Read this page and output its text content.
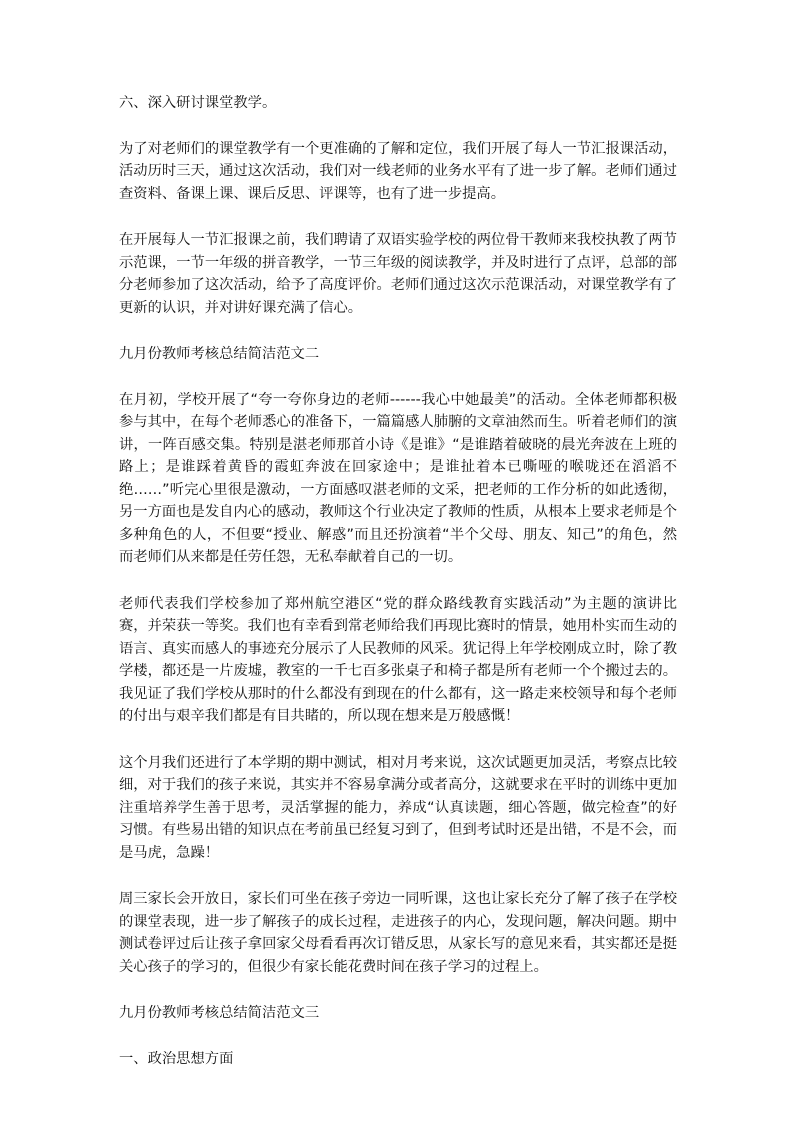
六、深入研讨课堂教学。

为了对老师们的课堂教学有一个更准确的了解和定位，我们开展了每人一节汇报课活动，活动历时三天，通过这次活动，我们对一线老师的业务水平有了进一步了解。老师们通过查资料、备课上课、课后反思、评课等，也有了进一步提高。

在开展每人一节汇报课之前，我们聘请了双语实验学校的两位骨干教师来我校执教了两节示范课，一节一年级的拼音教学，一节三年级的阅读教学，并及时进行了点评，总部的部分老师参加了这次活动，给予了高度评价。老师们通过这次示范课活动，对课堂教学有了更新的认识，并对讲好课充满了信心。

九月份教师考核总结简洁范文二

在月初，学校开展了“夸一夸你身边的老师------我心中她最美”的活动。全体老师都积极参与其中，在每个老师悉心的准备下，一篇篇感人肺腑的文章油然而生。听着老师们的演讲，一阵百感交集。特别是湛老师那首小诗《是谁》“是谁踏着破晓的晨光奔波在上班的路上；是谁踩着黄昏的霞虹奔波在回家途中；是谁扯着本已嘶哑的喉咙还在滔滔不绝……”听完心里很是激动，一方面感叹湛老师的文采，把老师的工作分析的如此透彻，另一方面也是发自内心的感动，教师这个行业决定了教师的性质，从根本上要求老师是个多种角色的人，不但要“授业、解惑”而且还扮演着“半个父母、朋友、知己”的角色，然而老师们从来都是任劳任怨，无私奉献着自己的一切。

老师代表我们学校参加了郑州航空港区“党的群众路线教育实践活动”为主题的演讲比赛，并荣获一等奖。我们也有幸看到常老师给我们再现比赛时的情景，她用朴实而生动的语言、真实而感人的事迹充分展示了人民教师的风采。犹记得上年学校刚成立时，除了教学楼，都还是一片废墟，教室的一千七百多张桌子和椅子都是所有老师一个个搬过去的。我见证了我们学校从那时的什么都没有到现在的什么都有，这一路走来校领导和每个老师的付出与艰辛我们都是有目共睹的，所以现在想来是万般感慨！

这个月我们还进行了本学期的期中测试，相对月考来说，这次试题更加灵活，考察点比较细，对于我们的孩子来说，其实并不容易拿满分或者高分，这就要求在平时的训练中更加注重培养学生善于思考，灵活掌握的能力，养成“认真读题，细心答题，做完检查”的好习惯。有些易出错的知识点在考前虽已经复习到了，但到考试时还是出错，不是不会，而是马虎，急躁！

周三家长会开放日，家长们可坐在孩子旁边一同听课，这也让家长充分了解了孩子在学校的课堂表现，进一步了解孩子的成长过程，走进孩子的内心，发现问题，解决问题。期中测试卷评过后让孩子拿回家父母看看再次订错反思，从家长写的意见来看，其实都还是挺关心孩子的学习的，但很少有家长能花费时间在孩子学习的过程上。

九月份教师考核总结简洁范文三

一、政治思想方面
